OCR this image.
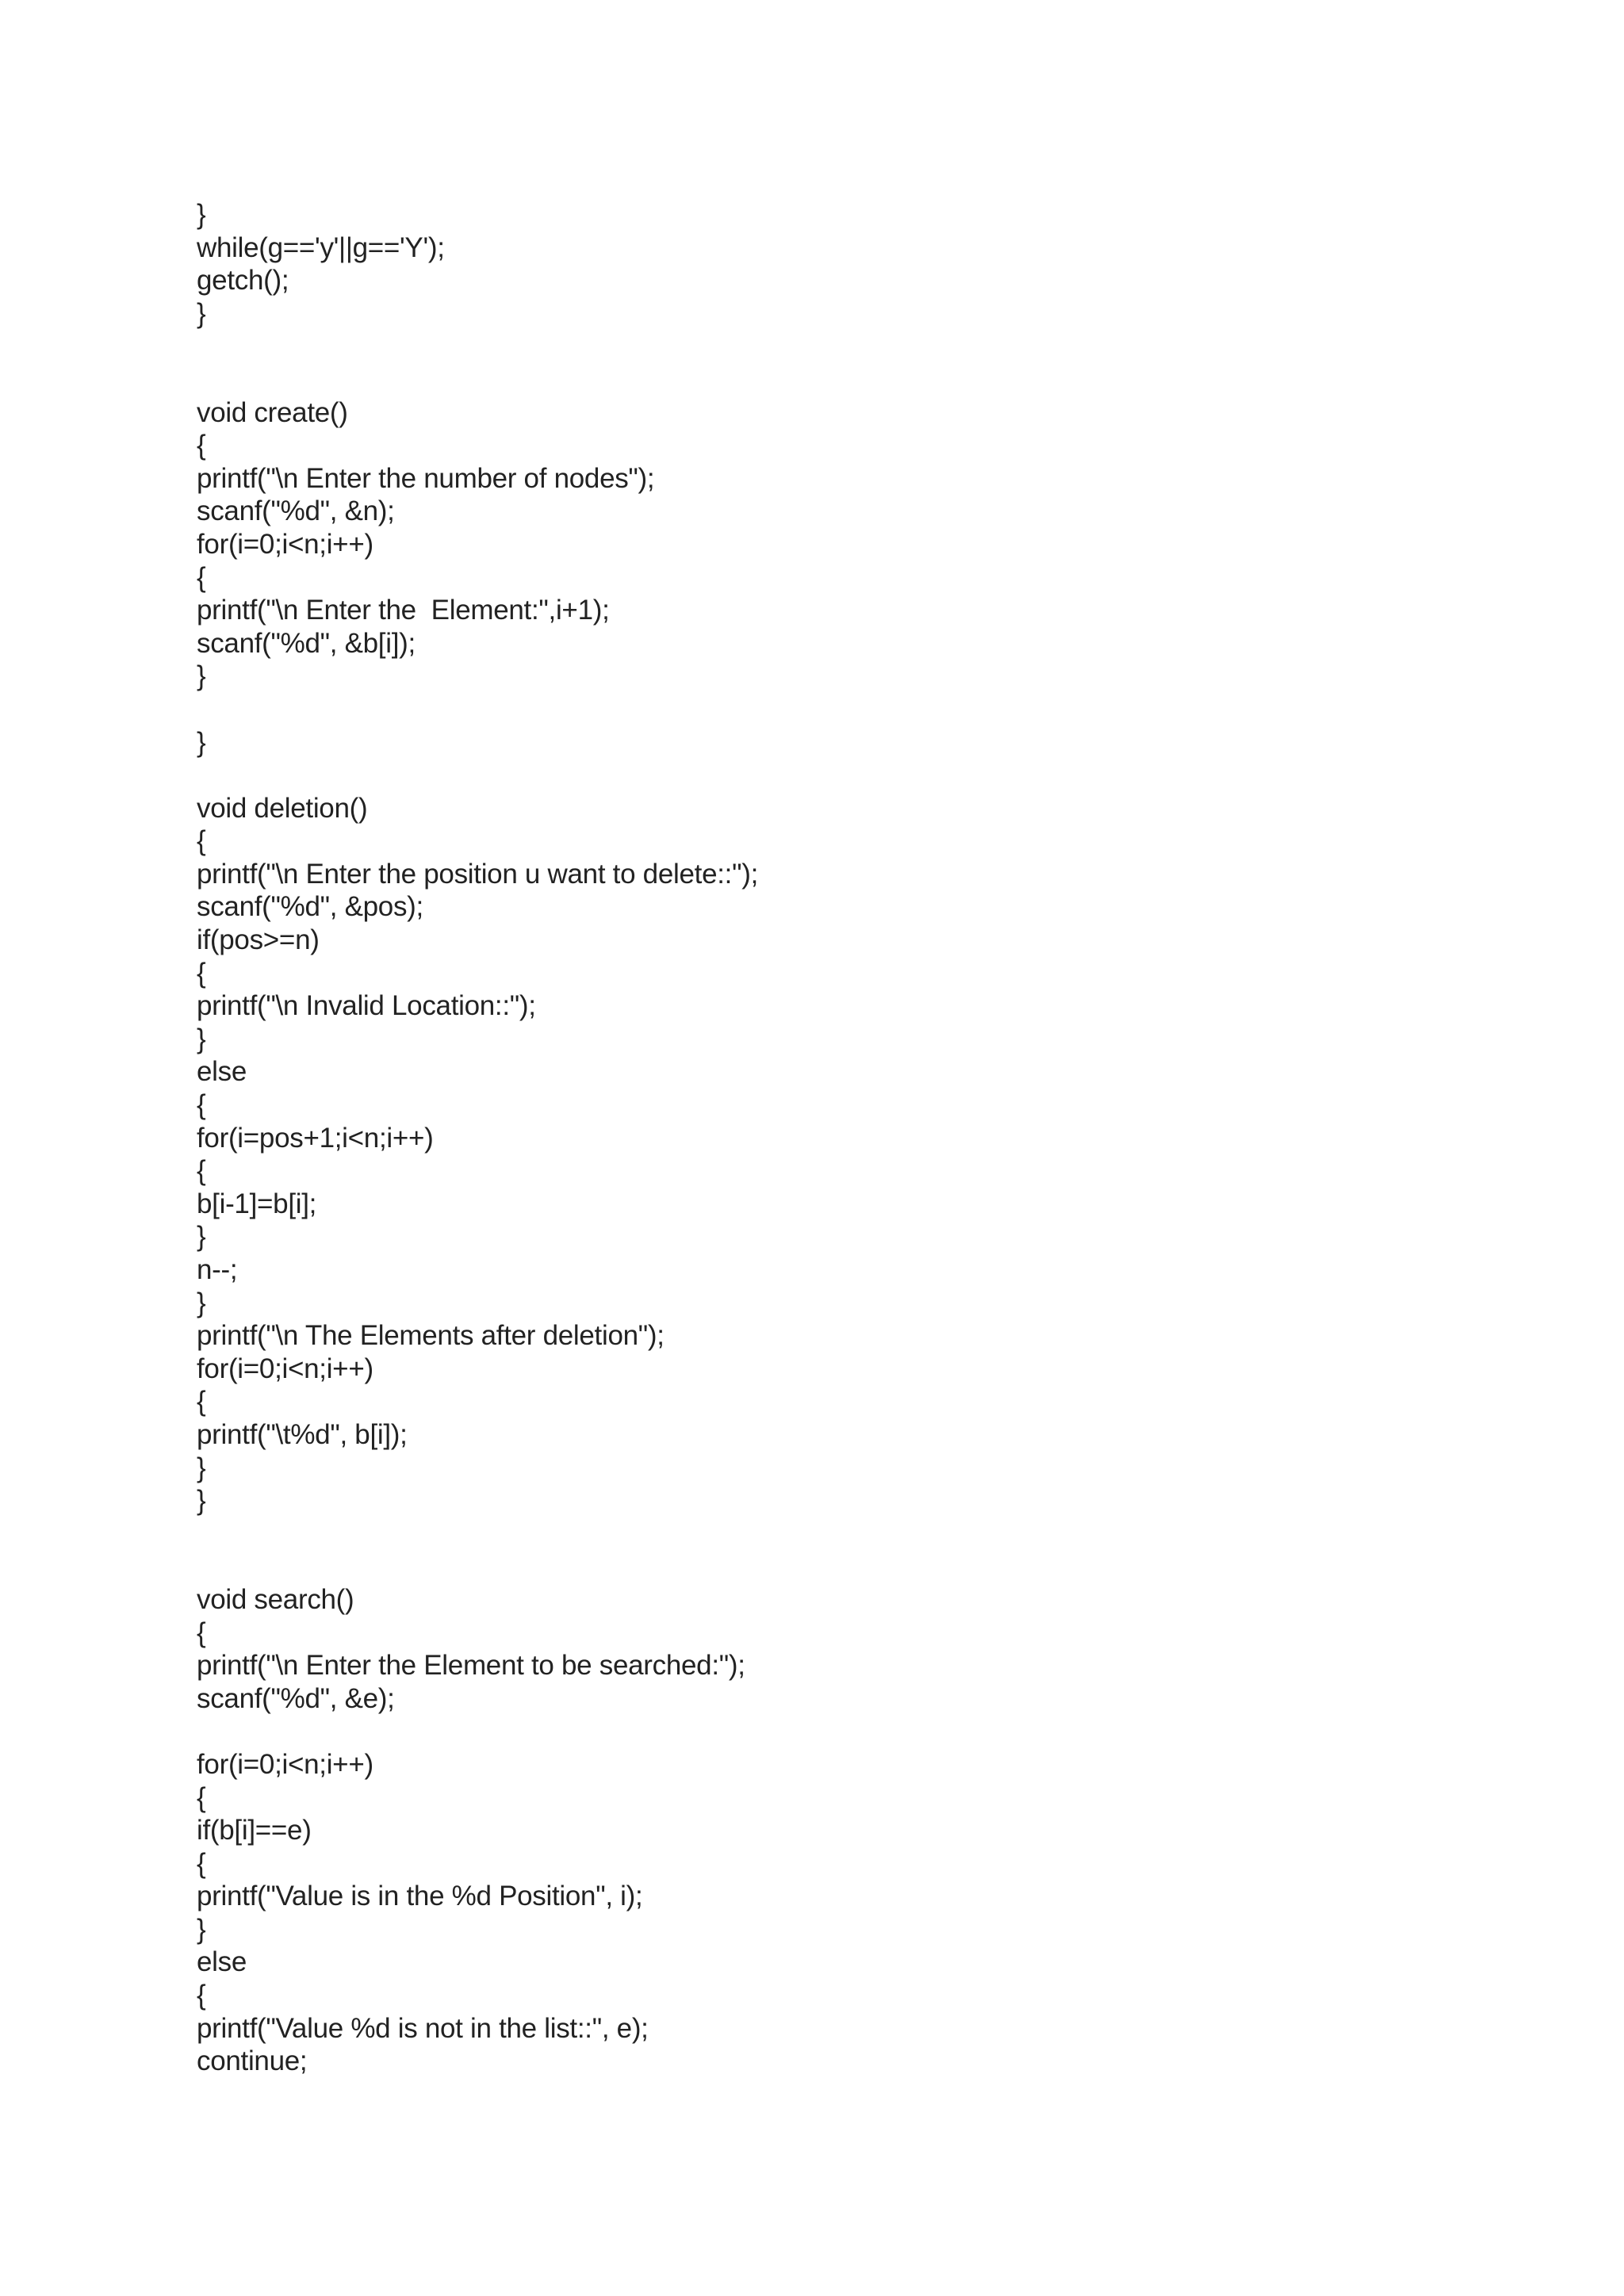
}
while(g=='y'||g=='Y');
getch();
}
void create()
{
printf("\n Enter the number of nodes");
scanf("%d", &n);
for(i=0;i<n;i++)
{
printf("\n Enter the  Element:",i+1);
scanf("%d", &b[i]);
}
}
void deletion()
{
printf("\n Enter the position u want to delete::");
scanf("%d", &pos);
if(pos>=n)
{
printf("\n Invalid Location::");
}
else
{
for(i=pos+1;i<n;i++)
{
b[i-1]=b[i];
}
n--;
}
printf("\n The Elements after deletion");
for(i=0;i<n;i++)
{
printf("\t%d", b[i]);
}
}
void search()
{
printf("\n Enter the Element to be searched:");
scanf("%d", &e);
for(i=0;i<n;i++)
{
if(b[i]==e)
{
printf("Value is in the %d Position", i);
}
else
{
printf("Value %d is not in the list::", e);
continue;
